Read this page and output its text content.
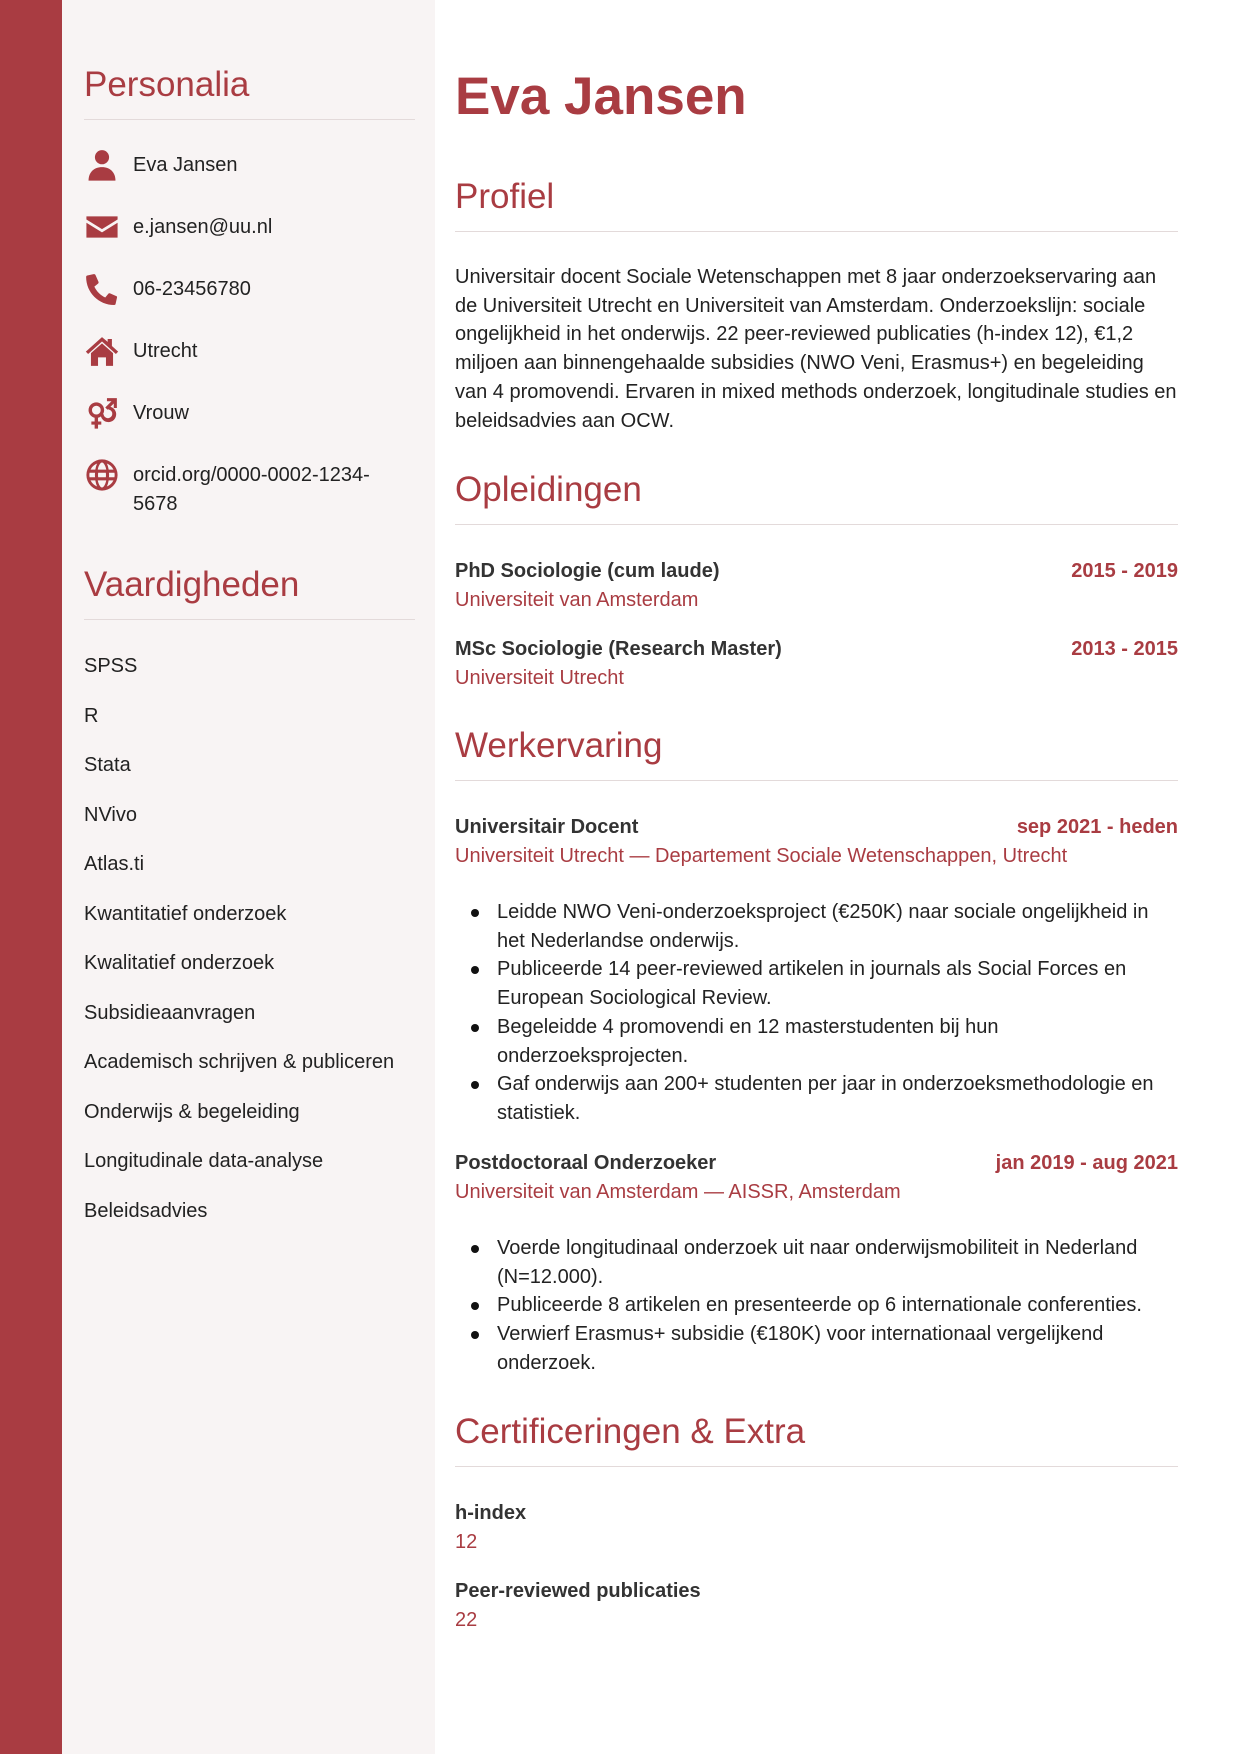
Personalia
Eva Jansen
e.jansen@uu.nl
06-23456780
Utrecht
Vrouw
orcid.org/0000-0002-1234-5678
Vaardigheden
SPSS
R
Stata
NVivo
Atlas.ti
Kwantitatief onderzoek
Kwalitatief onderzoek
Subsidieaanvragen
Academisch schrijven & publiceren
Onderwijs & begeleiding
Longitudinale data-analyse
Beleidsadvies
Eva Jansen
Profiel

Universitair docent Sociale Wetenschappen met 8 jaar onderzoekservaring aan de Universiteit Utrecht en Universiteit van Amsterdam. Onderzoekslijn: sociale ongelijkheid in het onderwijs. 22 peer-reviewed publicaties (h-index 12), €1,2 miljoen aan binnengehaalde subsidies (NWO Veni, Erasmus+) en begeleiding van 4 promovendi. Ervaren in mixed methods onderzoek, longitudinale studies en beleidsadvies aan OCW.

Opleidingen
PhD Sociologie (cum laude)	2015 - 2019
Universiteit van Amsterdam
MSc Sociologie (Research Master)	2013 - 2015
Universiteit Utrecht
Werkervaring
Universitair Docent	sep 2021 - heden
Universiteit Utrecht — Departement Sociale Wetenschappen, Utrecht
Leidde NWO Veni-onderzoeksproject (€250K) naar sociale ongelijkheid in het Nederlandse onderwijs.
Publiceerde 14 peer-reviewed artikelen in journals als Social Forces en European Sociological Review.
Begeleidde 4 promovendi en 12 masterstudenten bij hun onderzoeksprojecten.
Gaf onderwijs aan 200+ studenten per jaar in onderzoeksmethodologie en statistiek.
Postdoctoraal Onderzoeker	jan 2019 - aug 2021
Universiteit van Amsterdam — AISSR, Amsterdam
Voerde longitudinaal onderzoek uit naar onderwijsmobiliteit in Nederland (N=12.000).
Publiceerde 8 artikelen en presenteerde op 6 internationale conferenties.
Verwierf Erasmus+ subsidie (€180K) voor internationaal vergelijkend onderzoek.
Certificeringen & Extra
h-index
12
Peer-reviewed publicaties
22
